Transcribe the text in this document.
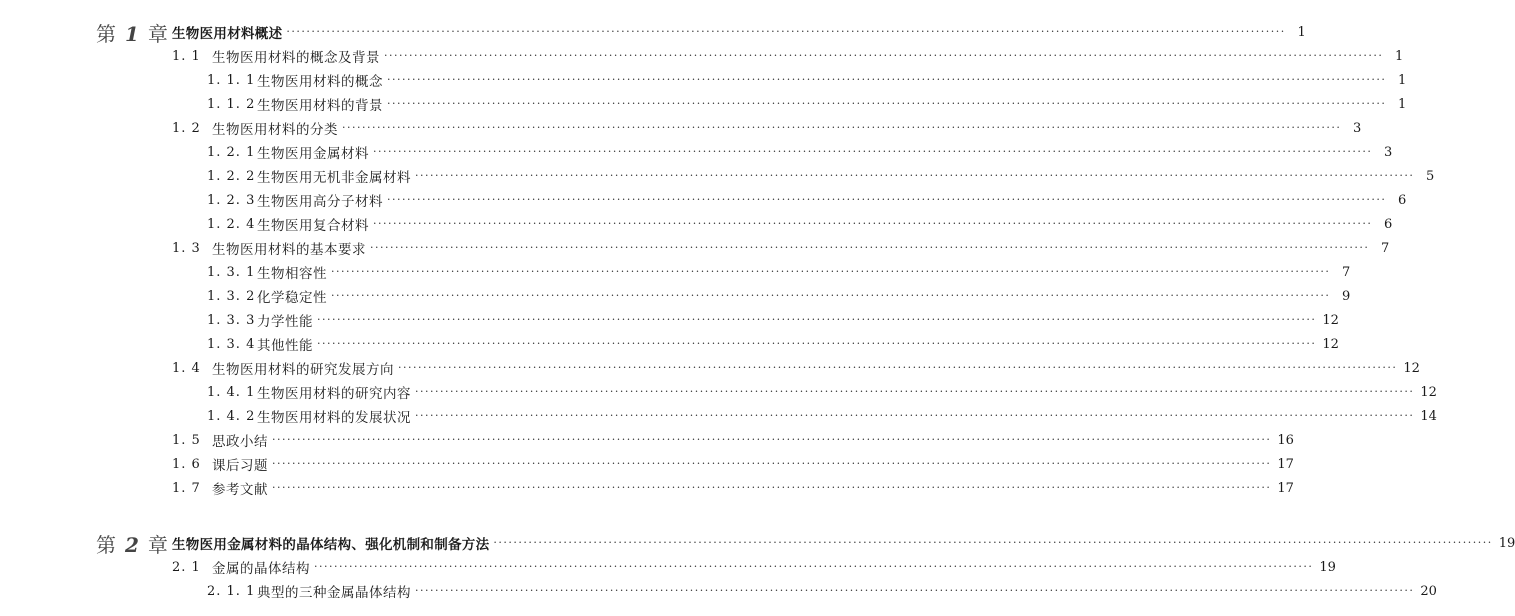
第 1 章 生物医用材料概述 ········································································································································································································ 1
1. 1 生物医用材料的概念及背景 ········································································································································································································ 1
1. 1. 1 生物医用材料的概念 ········································································································································································································ 1
1. 1. 2 生物医用材料的背景 ········································································································································································································ 1
1. 2 生物医用材料的分类 ········································································································································································································ 3
1. 2. 1 生物医用金属材料 ········································································································································································································ 3
1. 2. 2 生物医用无机非金属材料 ········································································································································································································ 5
1. 2. 3 生物医用高分子材料 ········································································································································································································ 6
1. 2. 4 生物医用复合材料 ········································································································································································································ 6
1. 3 生物医用材料的基本要求 ········································································································································································································ 7
1. 3. 1 生物相容性 ········································································································································································································ 7
1. 3. 2 化学稳定性 ········································································································································································································ 9
1. 3. 3 力学性能 ········································································································································································································ 12
1. 3. 4 其他性能 ········································································································································································································ 12
1. 4 生物医用材料的研究发展方向 ········································································································································································································ 12
1. 4. 1 生物医用材料的研究内容 ········································································································································································································ 12
1. 4. 2 生物医用材料的发展状况 ········································································································································································································ 14
1. 5 思政小结 ········································································································································································································ 16
1. 6 课后习题 ········································································································································································································ 17
1. 7 参考文献 ········································································································································································································ 17
第 2 章 生物医用金属材料的晶体结构、强化机制和制备方法 ········································································································································································································ 19
2. 1 金属的晶体结构 ········································································································································································································ 19
2. 1. 1 典型的三种金属晶体结构 ········································································································································································································ 20
